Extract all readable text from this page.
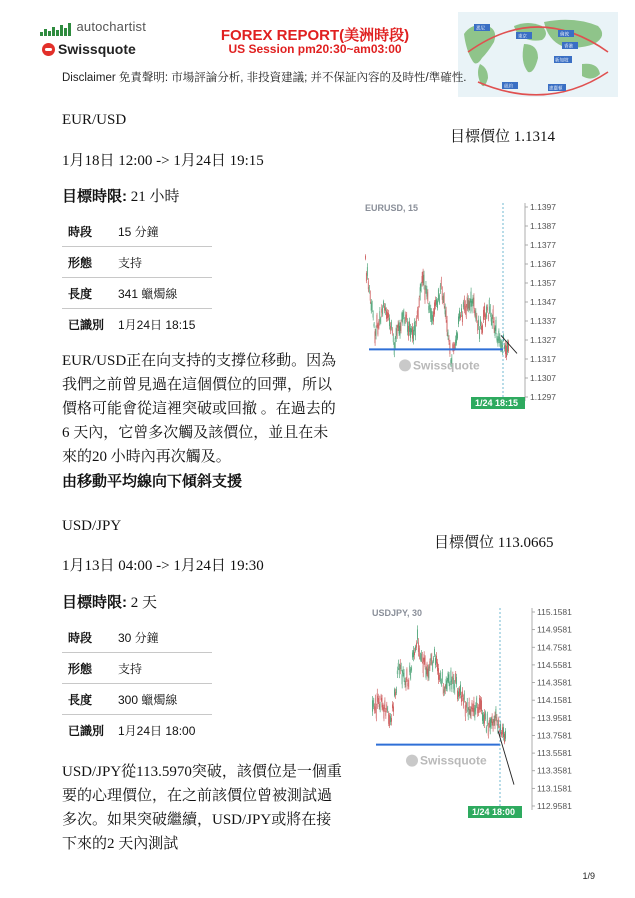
autochartist
Swissquote
FOREX REPORT(美洲時段)
US Session pm20:30~am03:00
悉尼
東京
新加坡
香港
倫敦
紐約	惠靈頓
Disclaimer 免責聲明: 市場評論分析, 非投資建議; 并不保証內容的及時性/準確性.
EUR/USD
目標價位 1.1314
1月18日 12:00 -> 1月24日 19:15
目標時限: 21 小時
時段	15 分鐘
形態	支持
長度	341 蠟燭線
已識別	1月24日 18:15
EURUSD, 15	1.1397
1.1387
1.1377
1.1367
1.1357
1.1347
1.1337
1.1327
1.1317
1.1307
1.1297
Swissquote
1/24 18:15
EUR/USD正在向支持的支撐位移動。因為我們之前曾見過在這個價位的回彈，所以價格可能會從這裡突破或回撤 。在過去的6 天內，它曾多次觸及該價位，並且在未來的20 小時內再次觸及。
由移動平均線向下傾斜支援
USD/JPY
目標價位 113.0665
1月13日 04:00 -> 1月24日 19:30
目標時限: 2 天
時段	30 分鐘
形態	支持
長度	300 蠟燭線
已識別	1月24日 18:00
USDJPY, 30	115.1581
114.9581
114.7581
114.5581
114.3581
114.1581
113.9581
113.7581
113.5581
113.3581
113.1581
112.9581
Swissquote
1/24 18:00
USD/JPY從113.5970突破，該價位是一個重要的心理價位，在之前該價位曾被測試過多次。如果突破繼續，USD/JPY或將在接下來的2 天內測試
1/9
